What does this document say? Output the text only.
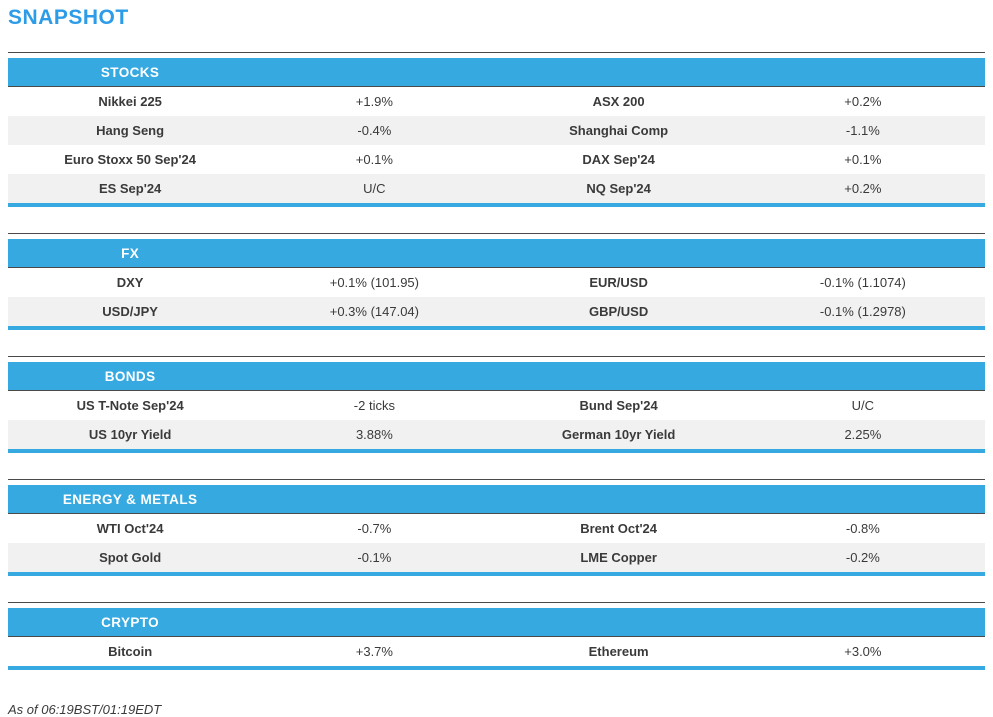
SNAPSHOT
STOCKS
Nikkei 225	+1.9%	ASX 200	+0.2%
Hang Seng	-0.4%	Shanghai Comp	-1.1%
Euro Stoxx 50 Sep'24	+0.1%	DAX Sep'24	+0.1%
ES Sep'24	U/C	NQ Sep'24	+0.2%
FX
DXY	+0.1% (101.95)	EUR/USD	-0.1% (1.1074)
USD/JPY	+0.3% (147.04)	GBP/USD	-0.1% (1.2978)
BONDS
US T-Note Sep'24	-2 ticks	Bund Sep'24	U/C
US 10yr Yield	3.88%	German 10yr Yield	2.25%
ENERGY & METALS
WTI Oct'24	-0.7%	Brent Oct'24	-0.8%
Spot Gold	-0.1%	LME Copper	-0.2%
CRYPTO
Bitcoin	+3.7%	Ethereum	+3.0%

As of 06:19BST/01:19EDT
